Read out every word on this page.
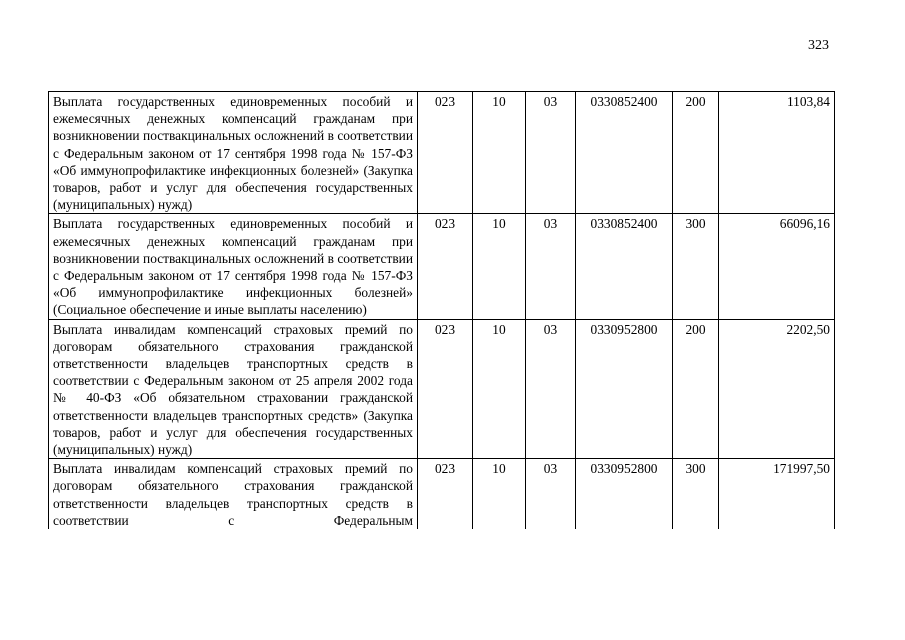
323
Выплата государственных единовременных пособий и ежемесячных денежных компенсаций гражданам при возникновении поствакцинальных осложнений в соответствии с Федеральным законом от 17 сентября 1998 года № 157-ФЗ «Об иммунопрофилактике инфекционных болезней» (Закупка товаров, работ и услуг для обеспечения государственных (муниципальных) нужд)	023	10	03	0330852400	200	1103,84
Выплата государственных единовременных пособий и ежемесячных денежных компенсаций гражданам при возникновении поствакцинальных осложнений в соответствии с Федеральным законом от 17 сентября 1998 года № 157-ФЗ «Об иммунопрофилактике инфекционных болезней» (Социальное обеспечение и иные выплаты населению)	023	10	03	0330852400	300	66096,16
Выплата инвалидам компенсаций страховых премий по договорам обязательного страхования гражданской ответственности владельцев транспортных средств в соответствии с Федеральным законом от 25 апреля 2002 года № 40-ФЗ «Об обязательном страховании гражданской ответственности владельцев транспортных средств» (Закупка товаров, работ и услуг для обеспечения государственных (муниципальных) нужд)	023	10	03	0330952800	200	2202,50
Выплата инвалидам компенсаций страховых премий по договорам обязательного страхования гражданской ответственности владельцев транспортных средств в соответствии с Федеральным	023	10	03	0330952800	300	171997,50
